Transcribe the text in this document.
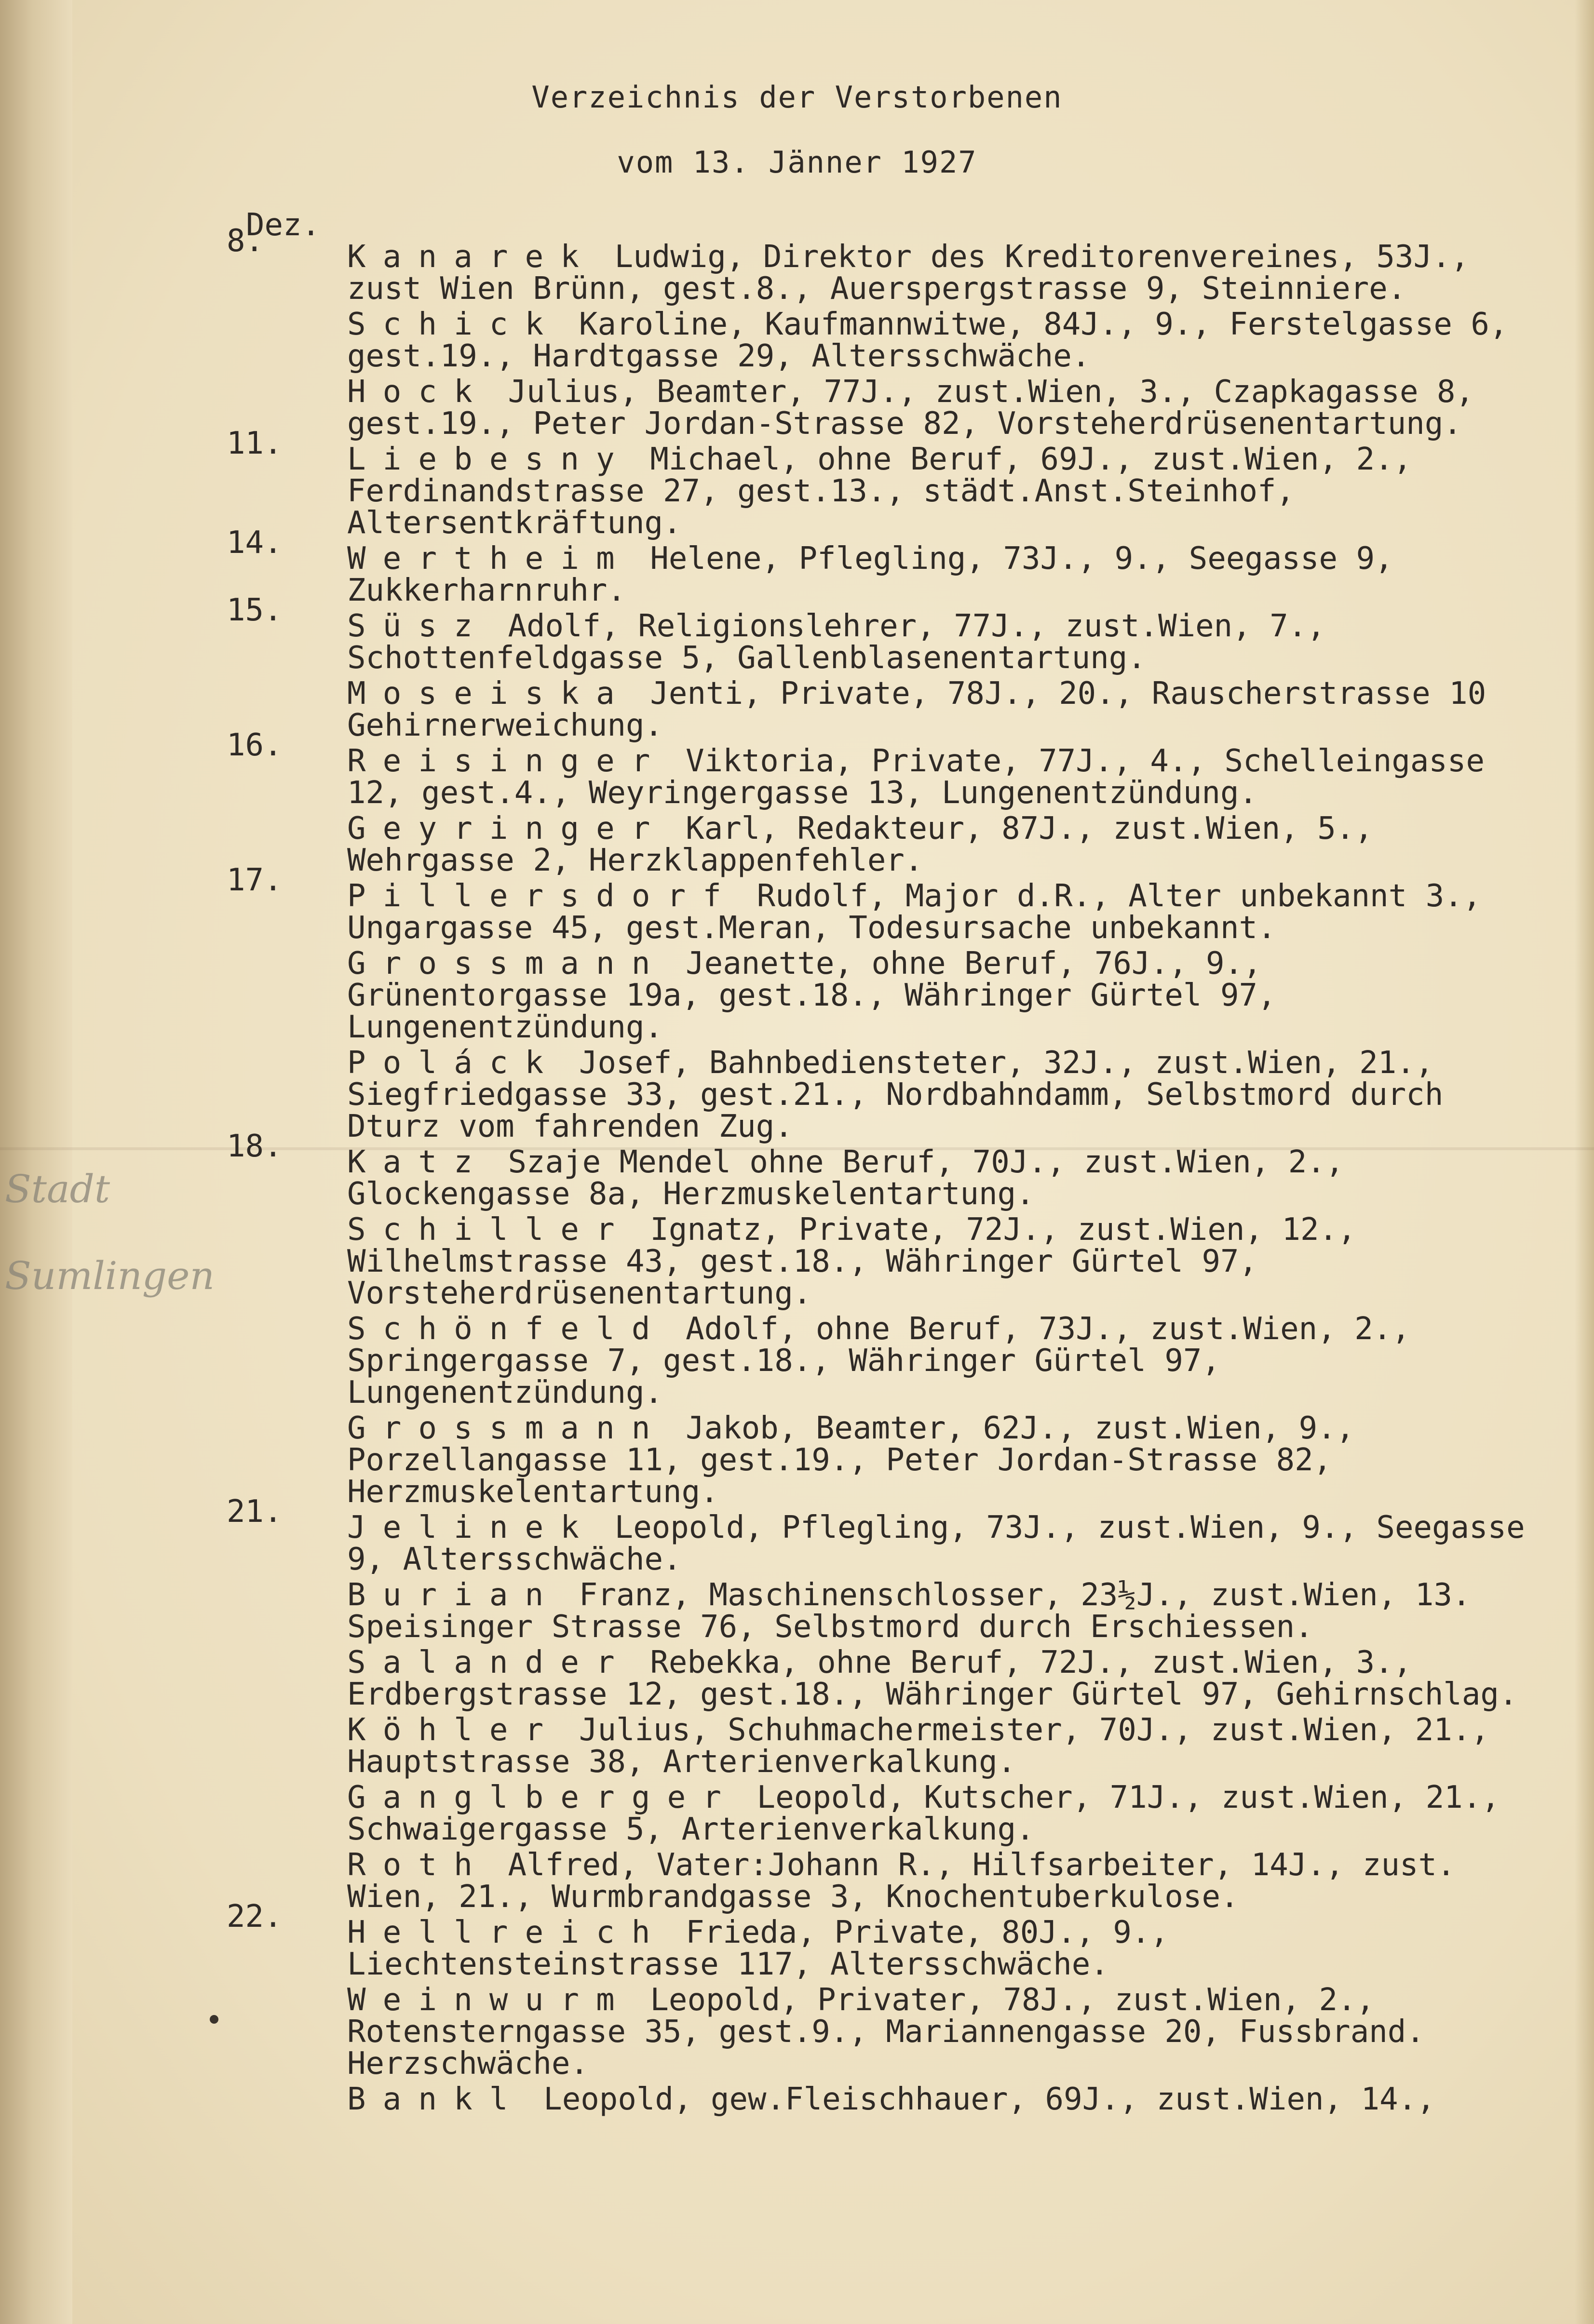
Verzeichnis der Verstorbenen
vom 13. Jänner 1927
Dez.
Stadt
Sumlingen
8.	Kanarek Ludwig, Direktor des Kreditorenvereines, 53J., zust Wien Brünn, gest.8., Auerspergstrasse 9, Steinniere.
Schick Karoline, Kaufmannwitwe, 84J., 9., Ferstelgasse 6, gest.19., Hardtgasse 29, Altersschwäche.
Hock Julius, Beamter, 77J., zust.Wien, 3., Czapkagasse 8, gest.19., Peter Jordan-Strasse 82, Vorsteherdrüsenentartung.
11. Liebesny Michael, ohne Beruf, 69J., zust.Wien, 2., Ferdinandstrasse 27, gest.13., städt.Anst.Steinhof, Altersentkräftung.
14. Wertheim Helene, Pflegling, 73J., 9., Seegasse 9, Zukkerharnruhr.
15. Süsz Adolf, Religionslehrer, 77J., zust.Wien, 7., Schottenfeldgasse 5, Gallenblasenentartung.
Moseiska Jenti, Private, 78J., 20., Rauscherstrasse 10 Gehirnerweichung.
16. Reisinger Viktoria, Private, 77J., 4., Schelleingasse 12, gest.4., Weyringergasse 13, Lungenentzündung.
Geyringer Karl, Redakteur, 87J., zust.Wien, 5., Wehrgasse 2, Herzklappenfehler.
17. Pillersdorf Rudolf, Major d.R., Alter unbekannt 3., Ungargasse 45, gest.Meran, Todesursache unbekannt.
Grossmann Jeanette, ohne Beruf, 76J., 9., Grünentorgasse 19a, gest.18., Währinger Gürtel 97, Lungenentzündung.
Poláck Josef, Bahnbediensteter, 32J., zust.Wien, 21., Siegfriedgasse 33, gest.21., Nordbahndamm, Selbstmord durch Dturz vom fahrenden Zug.
18. Katz Szaje Mendel ohne Beruf, 70J., zust.Wien, 2., Glockengasse 8a, Herzmuskelentartung.
Schiller Ignatz, Private, 72J., zust.Wien, 12., Wilhelmstrasse 43, gest.18., Währinger Gürtel 97, Vorsteherdrüsenentartung.
Schönfeld Adolf, ohne Beruf, 73J., zust.Wien, 2., Springergasse 7, gest.18., Währinger Gürtel 97, Lungenentzündung.
Grossmann Jakob, Beamter, 62J., zust.Wien, 9., Porzellangasse 11, gest.19., Peter Jordan-Strasse 82, Herzmuskelentartung.
21. Jelinek Leopold, Pflegling, 73J., zust.Wien, 9., Seegasse 9, Altersschwäche.
Burian Franz, Maschinenschlosser, 23½J., zust.Wien, 13. Speisinger Strasse 76, Selbstmord durch Erschiessen.
Salander Rebekka, ohne Beruf, 72J., zust.Wien, 3., Erdbergstrasse 12, gest.18., Währinger Gürtel 97, Gehirnschlag.
Köhler Julius, Schuhmachermeister, 70J., zust.Wien, 21., Hauptstrasse 38, Arterienverkalkung.
Ganglberger Leopold, Kutscher, 71J., zust.Wien, 21., Schwaigergasse 5, Arterienverkalkung.
Roth Alfred, Vater:Johann R., Hilfsarbeiter, 14J., zust. Wien, 21., Wurmbrandgasse 3, Knochentuberkulose.
22. Hellreich Frieda, Private, 80J., 9., Liechtensteinstrasse 117, Altersschwäche.
Weinwurm Leopold, Privater, 78J., zust.Wien, 2., Rotensterngasse 35, gest.9., Mariannengasse 20, Fussbrand. Herzschwäche.
Bankl Leopold, gew.Fleischhauer, 69J., zust.Wien, 14.,
